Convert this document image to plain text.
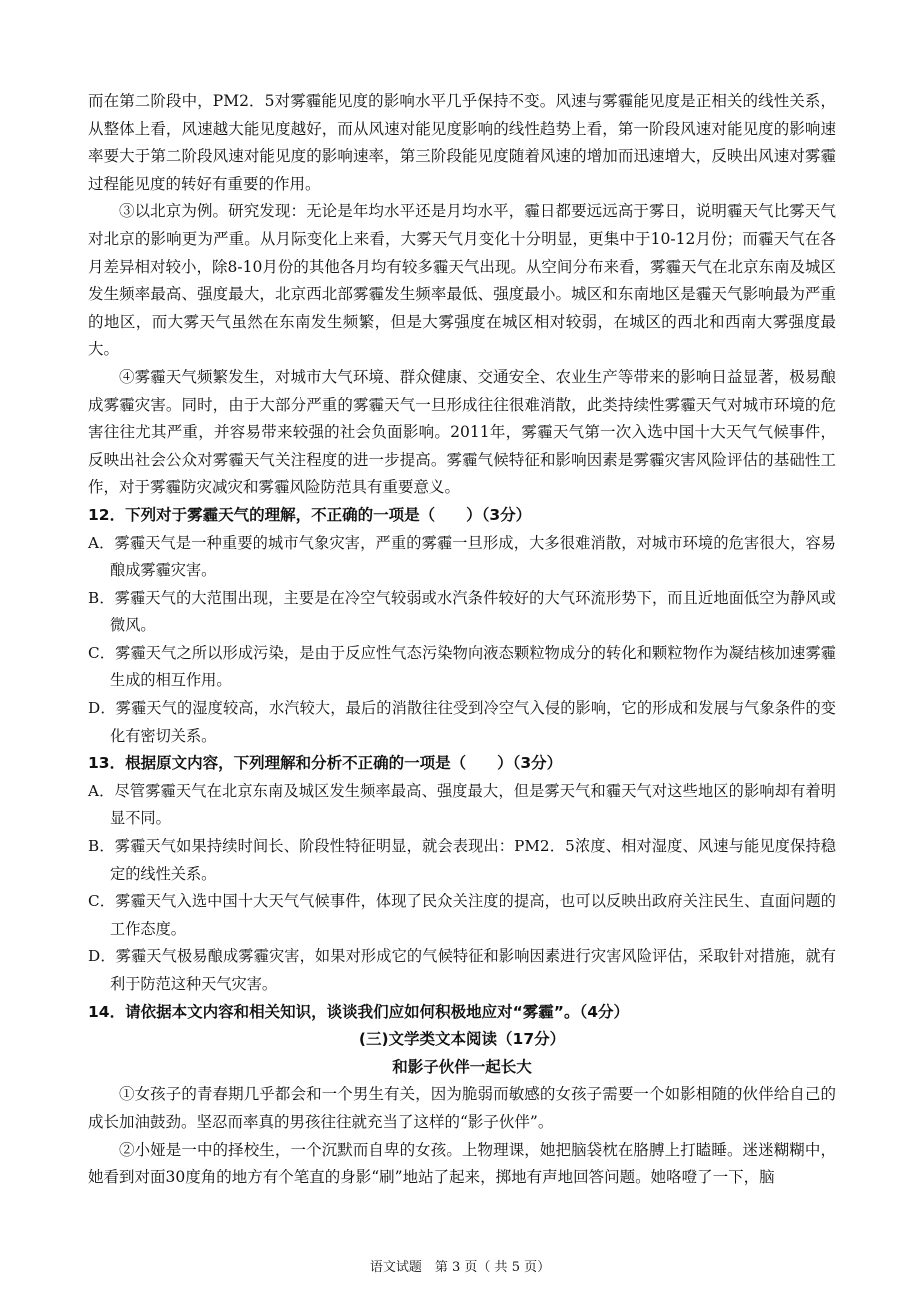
而在第二阶段中，PM2．5对雾霾能见度的影响水平几乎保持不变。风速与雾霾能见度是正相关的线性关系，从整体上看，风速越大能见度越好，而从风速对能见度影响的线性趋势上看，第一阶段风速对能见度的影响速率要大于第二阶段风速对能见度的影响速率，第三阶段能见度随着风速的增加而迅速增大，反映出风速对雾霾过程能见度的转好有重要的作用。

③以北京为例。研究发现：无论是年均水平还是月均水平，霾日都要远远高于雾日，说明霾天气比雾天气对北京的影响更为严重。从月际变化上来看，大雾天气月变化十分明显，更集中于10-12月份；而霾天气在各月差异相对较小，除8-10月份的其他各月均有较多霾天气出现。从空间分布来看，雾霾天气在北京东南及城区发生频率最高、强度最大，北京西北部雾霾发生频率最低、强度最小。城区和东南地区是霾天气影响最为严重的地区，而大雾天气虽然在东南发生频繁，但是大雾强度在城区相对较弱，在城区的西北和西南大雾强度最大。

④雾霾天气频繁发生，对城市大气环境、群众健康、交通安全、农业生产等带来的影响日益显著，极易酿成雾霾灾害。同时，由于大部分严重的雾霾天气一旦形成往往很难消散，此类持续性雾霾天气对城市环境的危害往往尤其严重，并容易带来较强的社会负面影响。2011年，雾霾天气第一次入选中国十大天气气候事件，反映出社会公众对雾霾天气关注程度的进一步提高。雾霾气候特征和影响因素是雾霾灾害风险评估的基础性工作，对于雾霾防灾减灾和雾霾风险防范具有重要意义。

12．下列对于雾霾天气的理解，不正确的一项是（　　）（3分）

A．雾霾天气是一种重要的城市气象灾害，严重的雾霾一旦形成，大多很难消散，对城市环境的危害很大，容易酿成雾霾灾害。

B．雾霾天气的大范围出现，主要是在冷空气较弱或水汽条件较好的大气环流形势下，而且近地面低空为静风或微风。

C．雾霾天气之所以形成污染，是由于反应性气态污染物向液态颗粒物成分的转化和颗粒物作为凝结核加速雾霾生成的相互作用。

D．雾霾天气的湿度较高，水汽较大，最后的消散往往受到冷空气入侵的影响，它的形成和发展与气象条件的变化有密切关系。

13．根据原文内容，下列理解和分析不正确的一项是（　　）（3分）

A．尽管雾霾天气在北京东南及城区发生频率最高、强度最大，但是雾天气和霾天气对这些地区的影响却有着明显不同。

B．雾霾天气如果持续时间长、阶段性特征明显，就会表现出：PM2．5浓度、相对湿度、风速与能见度保持稳定的线性关系。

C．雾霾天气入选中国十大天气气候事件，体现了民众关注度的提高，也可以反映出政府关注民生、直面问题的工作态度。

D．雾霾天气极易酿成雾霾灾害，如果对形成它的气候特征和影响因素进行灾害风险评估，采取针对措施，就有利于防范这种天气灾害。

14．请依据本文内容和相关知识，谈谈我们应如何积极地应对“雾霾”。（4分）

(三)文学类文本阅读（17分）

和影子伙伴一起长大

①女孩子的青春期几乎都会和一个男生有关，因为脆弱而敏感的女孩子需要一个如影相随的伙伴给自己的成长加油鼓劲。坚忍而率真的男孩往往就充当了这样的“影子伙伴”。

②小娅是一中的择校生，一个沉默而自卑的女孩。上物理课，她把脑袋枕在胳膊上打瞌睡。迷迷糊糊中，她看到对面30度角的地方有个笔直的身影“刷”地站了起来，掷地有声地回答问题。她咯噔了一下，脑

语文试题　第 3 页（ 共 5 页）
